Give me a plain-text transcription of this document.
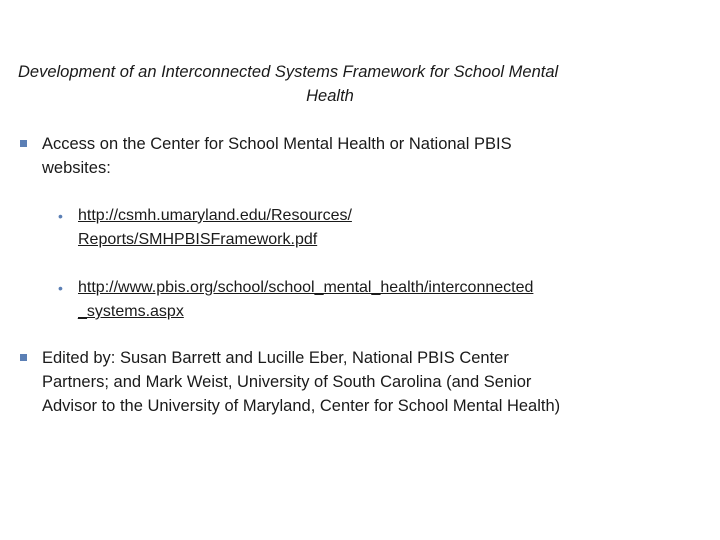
Development of an Interconnected Systems Framework for School Mental
Health
Access on the Center for School Mental Health or National PBIS
websites:
• http://csmh.umaryland.edu/Resources/
Reports/SMHPBISFramework.pdf
• http://www.pbis.org/school/school_mental_health/interconnected
_systems.aspx
Edited by: Susan Barrett and Lucille Eber, National PBIS Center
Partners; and Mark Weist, University of South Carolina (and Senior
Advisor to the University of Maryland, Center for School Mental Health)
